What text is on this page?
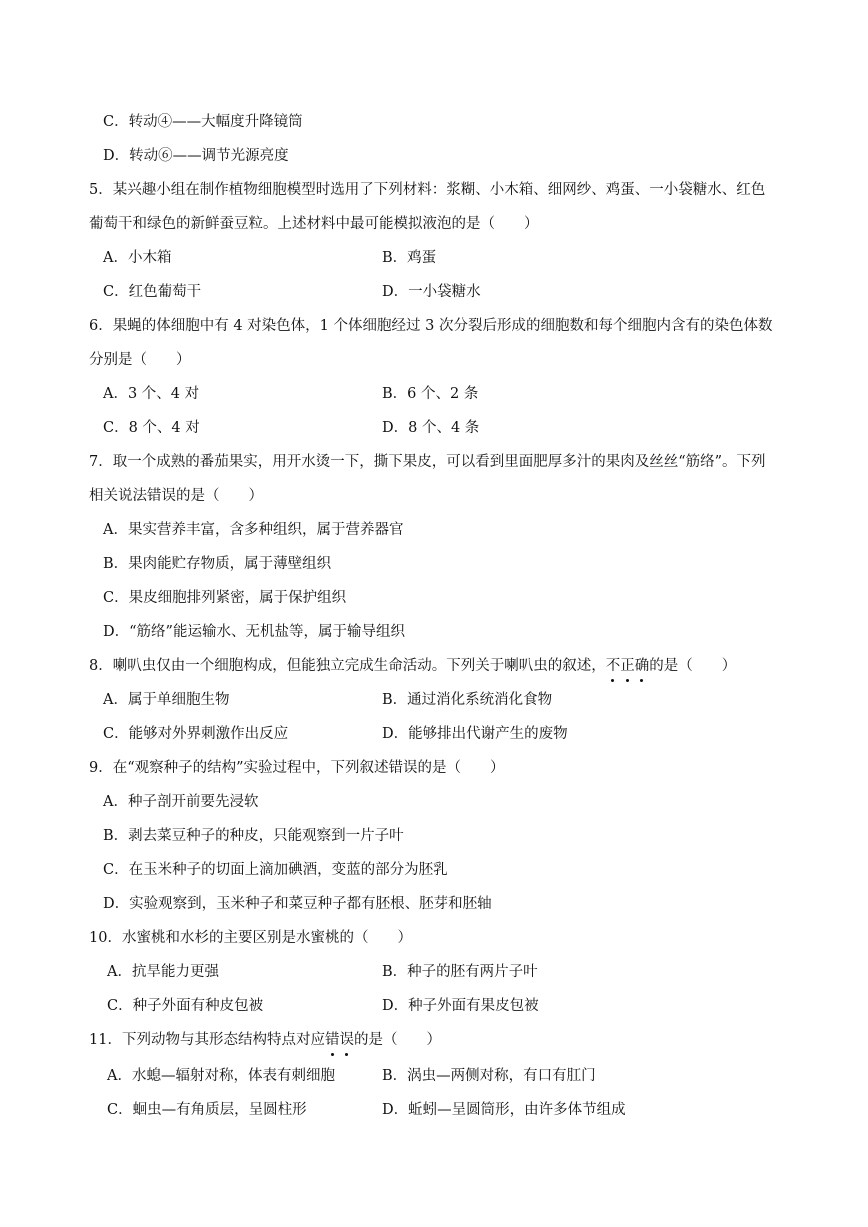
C．转动④——大幅度升降镜筒
D．转动⑥——调节光源亮度
5．某兴趣小组在制作植物细胞模型时选用了下列材料：浆糊、小木箱、细网纱、鸡蛋、一小袋糖水、红色
葡萄干和绿色的新鲜蚕豆粒。上述材料中最可能模拟液泡的是（　　）
A．小木箱	B．鸡蛋
C．红色葡萄干	D．一小袋糖水
6．果蝇的体细胞中有 4 对染色体，1 个体细胞经过 3 次分裂后形成的细胞数和每个细胞内含有的染色体数
分别是（　　）
A．3 个、4 对	B．6 个、2 条
C．8 个、4 对	D．8 个、4 条
7．取一个成熟的番茄果实，用开水烫一下，撕下果皮，可以看到里面肥厚多汁的果肉及丝丝“筋络”。下列
相关说法错误的是（　　）
A．果实营养丰富，含多种组织，属于营养器官
B．果肉能贮存物质，属于薄壁组织
C．果皮细胞排列紧密，属于保护组织
D．“筋络”能运输水、无机盐等，属于输导组织
8．喇叭虫仅由一个细胞构成，但能独立完成生命活动。下列关于喇叭虫的叙述，不正确的是（　　）
A．属于单细胞生物	B．通过消化系统消化食物
C．能够对外界刺激作出反应	D．能够排出代谢产生的废物
9．在“观察种子的结构”实验过程中，下列叙述错误的是（　　）
A．种子剖开前要先浸软
B．剥去菜豆种子的种皮，只能观察到一片子叶
C．在玉米种子的切面上滴加碘酒，变蓝的部分为胚乳
D．实验观察到，玉米种子和菜豆种子都有胚根、胚芽和胚轴
10．水蜜桃和水杉的主要区别是水蜜桃的（　　）
A．抗旱能力更强	B．种子的胚有两片子叶
C．种子外面有种皮包被	D．种子外面有果皮包被
11．下列动物与其形态结构特点对应错误的是（　　）
A．水螅—辐射对称，体表有刺细胞	B．涡虫—两侧对称，有口有肛门
C．蛔虫—有角质层，呈圆柱形	D．蚯蚓—呈圆筒形，由许多体节组成
